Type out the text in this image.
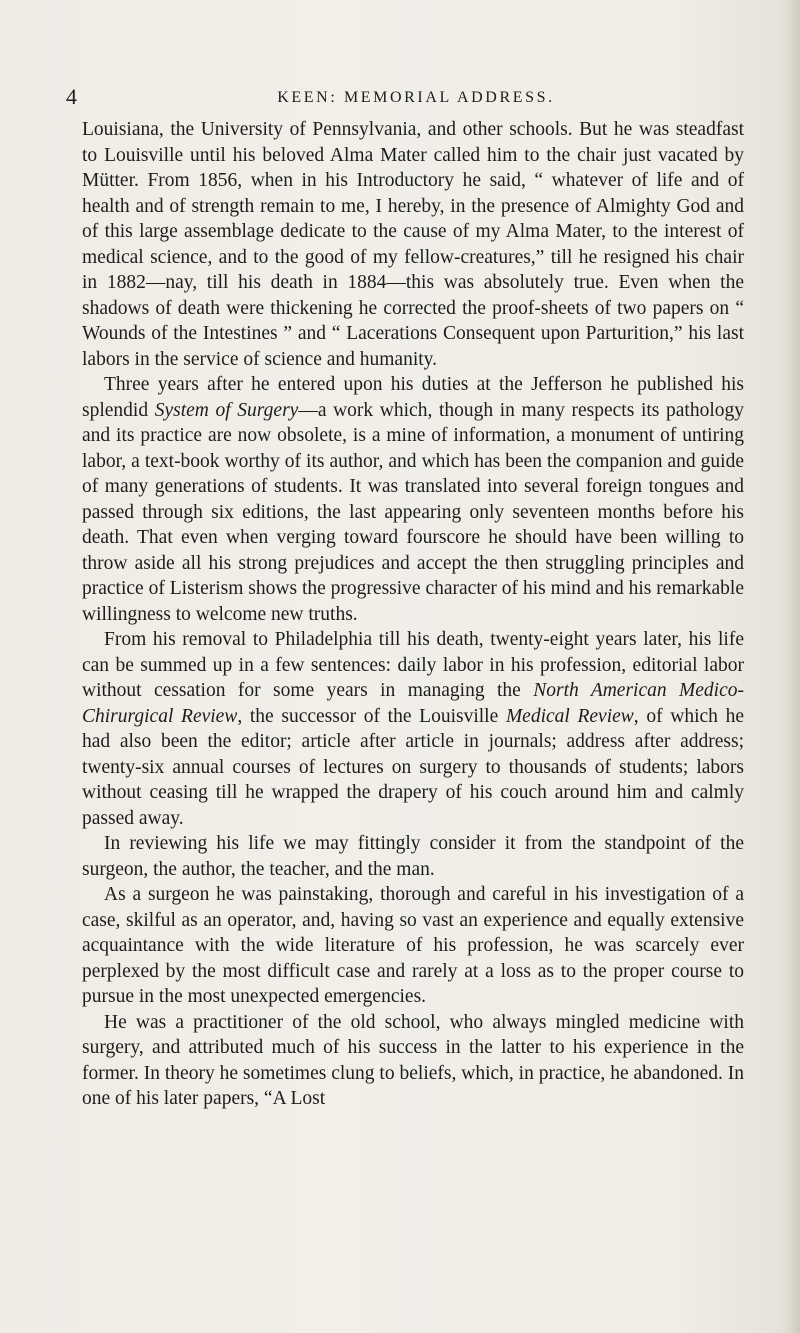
4	KEEN: MEMORIAL ADDRESS.

Louisiana, the University of Pennsylvania, and other schools. But he was steadfast to Louisville until his beloved Alma Mater called him to the chair just vacated by Mütter. From 1856, when in his Introductory he said, “ whatever of life and of health and of strength remain to me, I hereby, in the presence of Almighty God and of this large assemblage dedicate to the cause of my Alma Mater, to the interest of medical science, and to the good of my fellow-creatures,” till he resigned his chair in 1882—nay, till his death in 1884—this was absolutely true. Even when the shadows of death were thickening he corrected the proof-sheets of two papers on “ Wounds of the Intestines ” and “ Lacerations Consequent upon Parturition,” his last labors in the service of science and humanity.

Three years after he entered upon his duties at the Jefferson he published his splendid System of Surgery—a work which, though in many respects its pathology and its practice are now obsolete, is a mine of information, a monument of untiring labor, a text-book worthy of its author, and which has been the companion and guide of many generations of students. It was translated into several foreign tongues and passed through six editions, the last appearing only seventeen months before his death. That even when verging toward fourscore he should have been willing to throw aside all his strong prejudices and accept the then struggling principles and practice of Listerism shows the progressive character of his mind and his remarkable willingness to welcome new truths.

From his removal to Philadelphia till his death, twenty-eight years later, his life can be summed up in a few sentences: daily labor in his profession, editorial labor without cessation for some years in managing the North American Medico-Chirurgical Review, the successor of the Louisville Medical Review, of which he had also been the editor; article after article in journals; address after address; twenty-six annual courses of lectures on surgery to thousands of students; labors without ceasing till he wrapped the drapery of his couch around him and calmly passed away.

In reviewing his life we may fittingly consider it from the standpoint of the surgeon, the author, the teacher, and the man.

As a surgeon he was painstaking, thorough and careful in his investigation of a case, skilful as an operator, and, having so vast an experience and equally extensive acquaintance with the wide literature of his profession, he was scarcely ever perplexed by the most difficult case and rarely at a loss as to the proper course to pursue in the most unexpected emergencies.

He was a practitioner of the old school, who always mingled medicine with surgery, and attributed much of his success in the latter to his experience in the former. In theory he sometimes clung to beliefs, which, in practice, he abandoned. In one of his later papers, “A Lost
